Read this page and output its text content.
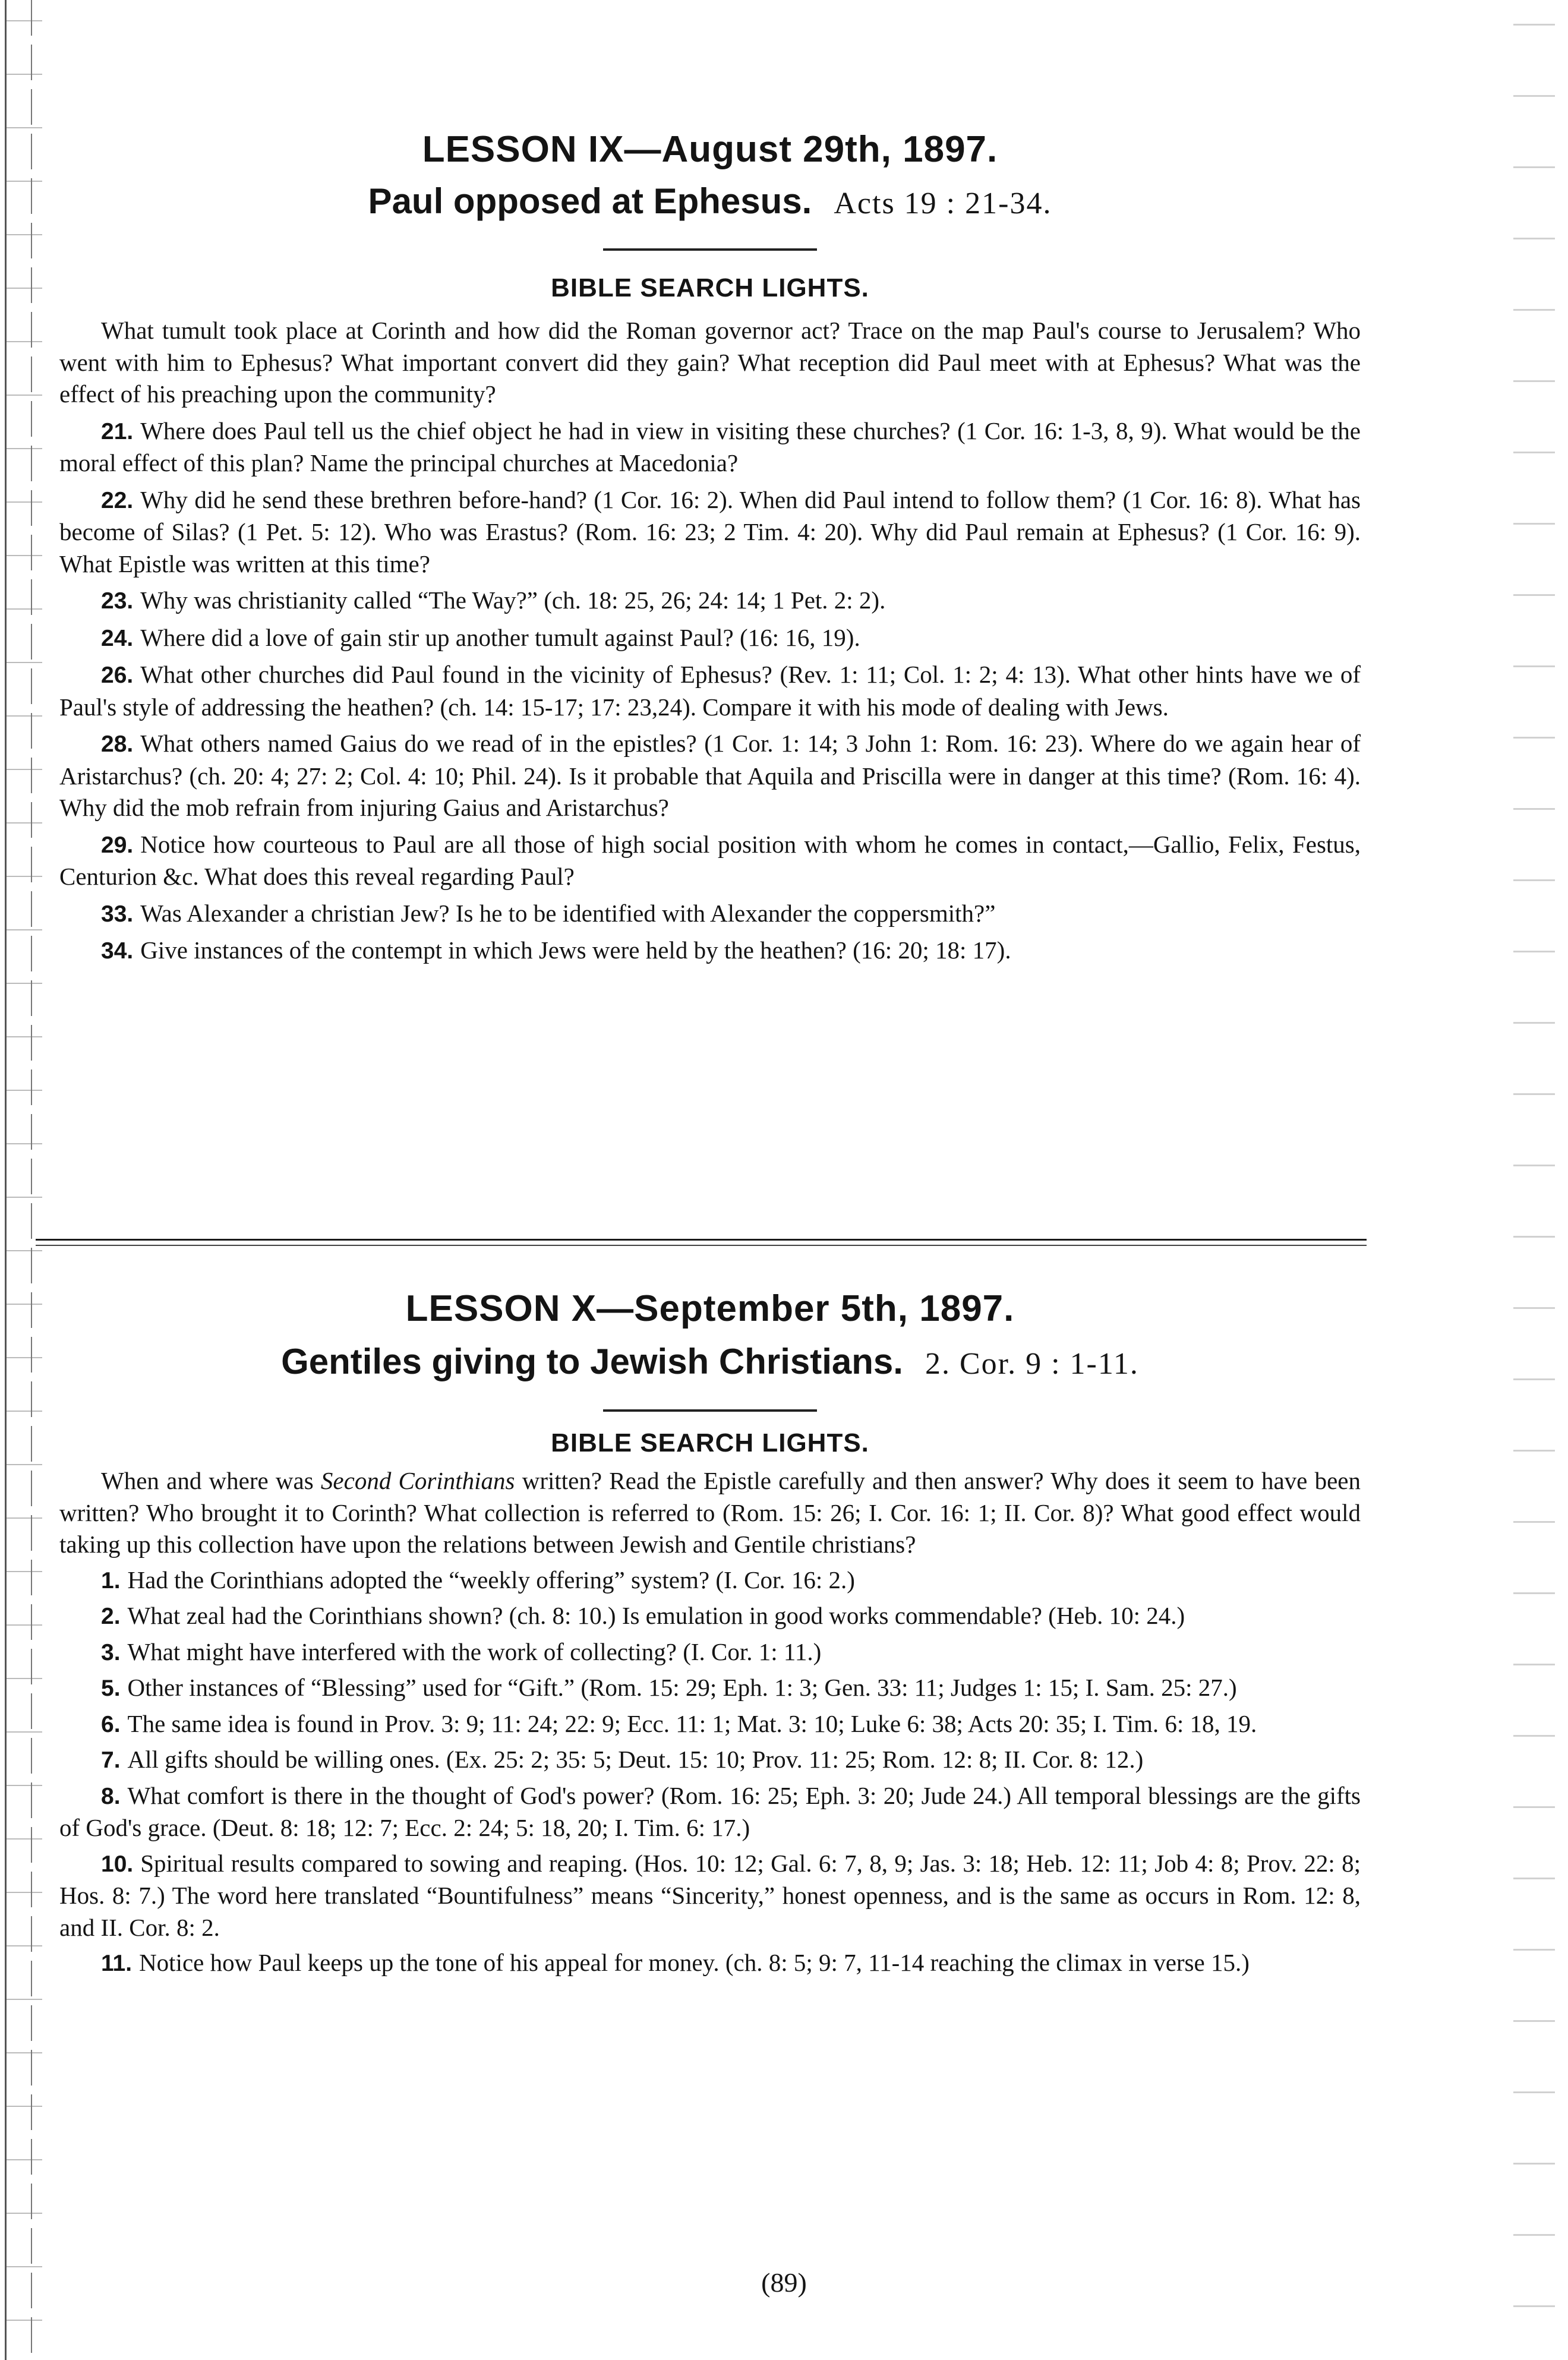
LESSON IX—August 29th, 1897.
Paul opposed at Ephesus. Acts 19 : 21-34.
BIBLE SEARCH LIGHTS.

What tumult took place at Corinth and how did the Roman governor act? Trace on the map Paul's course to Jerusalem? Who went with him to Ephesus? What important convert did they gain? What reception did Paul meet with at Ephesus? What was the effect of his preaching upon the community?

21. Where does Paul tell us the chief object he had in view in visiting these churches? (1 Cor. 16: 1-3, 8, 9). What would be the moral effect of this plan? Name the principal churches at Macedonia?

22. Why did he send these brethren before-hand? (1 Cor. 16: 2). When did Paul intend to follow them? (1 Cor. 16: 8). What has become of Silas? (1 Pet. 5: 12). Who was Erastus? (Rom. 16: 23; 2 Tim. 4: 20). Why did Paul remain at Ephesus? (1 Cor. 16: 9). What Epistle was written at this time?

23. Why was christianity called “The Way?” (ch. 18: 25, 26; 24: 14; 1 Pet. 2: 2).

24. Where did a love of gain stir up another tumult against Paul? (16: 16, 19).

26. What other churches did Paul found in the vicinity of Ephesus? (Rev. 1: 11; Col. 1: 2; 4: 13). What other hints have we of Paul's style of addressing the heathen? (ch. 14: 15-17; 17: 23,24). Compare it with his mode of dealing with Jews.

28. What others named Gaius do we read of in the epistles? (1 Cor. 1: 14; 3 John 1: Rom. 16: 23). Where do we again hear of Aristarchus? (ch. 20: 4; 27: 2; Col. 4: 10; Phil. 24). Is it probable that Aquila and Priscilla were in danger at this time? (Rom. 16: 4). Why did the mob refrain from injuring Gaius and Aristarchus?

29. Notice how courteous to Paul are all those of high social position with whom he comes in contact,—Gallio, Felix, Festus, Centurion &c. What does this reveal regarding Paul?

33. Was Alexander a christian Jew? Is he to be identified with Alexander the coppersmith?”

34. Give instances of the contempt in which Jews were held by the heathen? (16: 20; 18: 17).

LESSON X—September 5th, 1897.
Gentiles giving to Jewish Christians. 2. Cor. 9 : 1-11.
BIBLE SEARCH LIGHTS.

When and where was Second Corinthians written? Read the Epistle carefully and then answer? Why does it seem to have been written? Who brought it to Corinth? What collection is referred to (Rom. 15: 26; I. Cor. 16: 1; II. Cor. 8)? What good effect would taking up this collection have upon the relations between Jewish and Gentile christians?

1. Had the Corinthians adopted the “weekly offering” system? (I. Cor. 16: 2.)

2. What zeal had the Corinthians shown? (ch. 8: 10.) Is emulation in good works commendable? (Heb. 10: 24.)

3. What might have interfered with the work of collecting? (I. Cor. 1: 11.)

5. Other instances of “Blessing” used for “Gift.” (Rom. 15: 29; Eph. 1: 3; Gen. 33: 11; Judges 1: 15; I. Sam. 25: 27.)

6. The same idea is found in Prov. 3: 9; 11: 24; 22: 9; Ecc. 11: 1; Mat. 3: 10; Luke 6: 38; Acts 20: 35; I. Tim. 6: 18, 19.

7. All gifts should be willing ones. (Ex. 25: 2; 35: 5; Deut. 15: 10; Prov. 11: 25; Rom. 12: 8; II. Cor. 8: 12.)

8. What comfort is there in the thought of God's power? (Rom. 16: 25; Eph. 3: 20; Jude 24.) All temporal blessings are the gifts of God's grace. (Deut. 8: 18; 12: 7; Ecc. 2: 24; 5: 18, 20; I. Tim. 6: 17.)

10. Spiritual results compared to sowing and reaping. (Hos. 10: 12; Gal. 6: 7, 8, 9; Jas. 3: 18; Heb. 12: 11; Job 4: 8; Prov. 22: 8; Hos. 8: 7.) The word here translated “Bountifulness” means “Sincerity,” honest openness, and is the same as occurs in Rom. 12: 8, and II. Cor. 8: 2.

11. Notice how Paul keeps up the tone of his appeal for money. (ch. 8: 5; 9: 7, 11-14 reaching the climax in verse 15.)

(89)
